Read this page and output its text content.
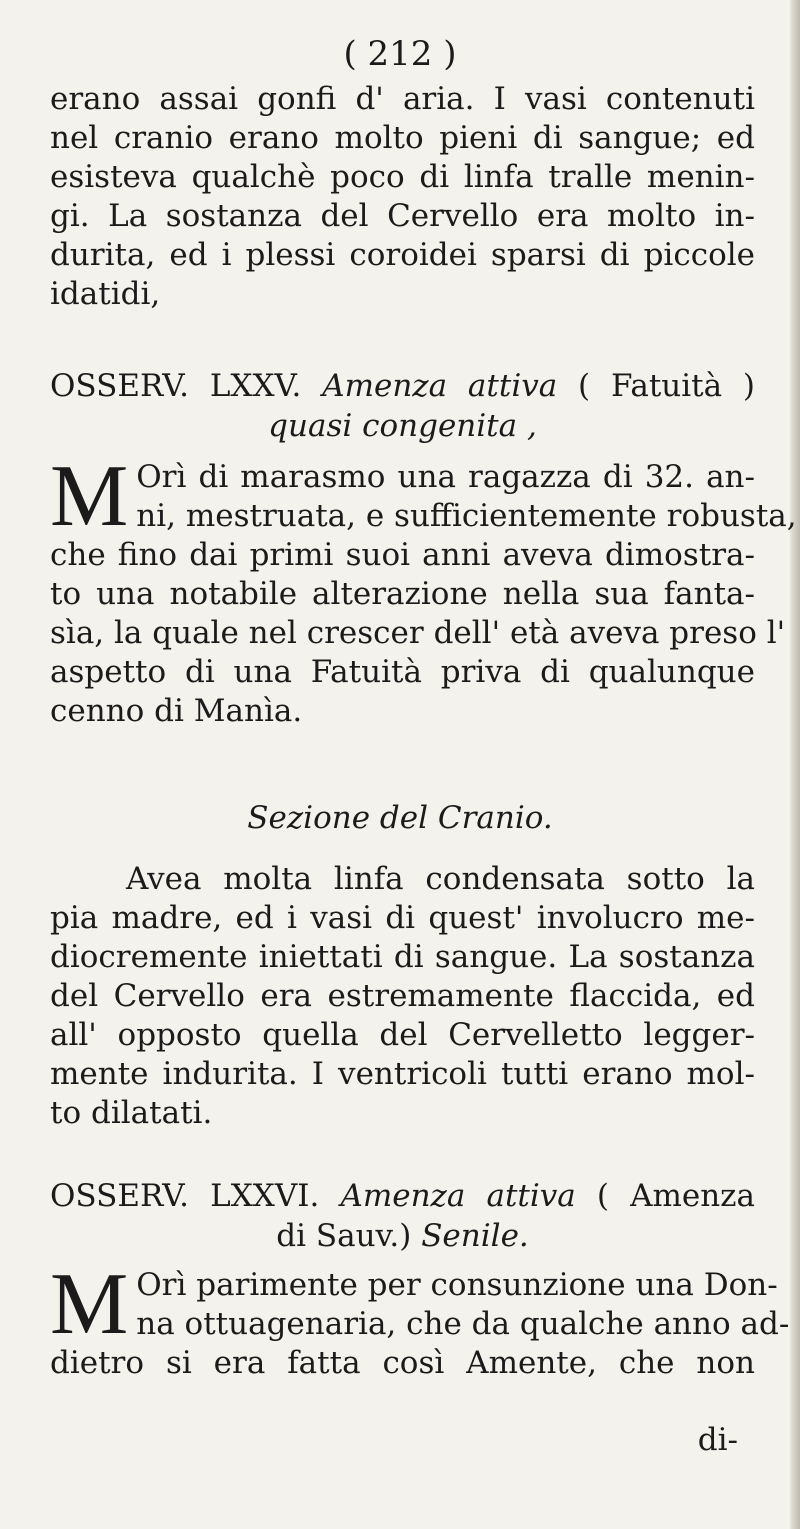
( 212 )
erano assai gonfi d' aria. I vasi contenuti
nel cranio erano molto pieni di sangue; ed
esisteva qualchè poco di linfa tralle menin-
gi. La sostanza del Cervello era molto in-
durita, ed i plessi coroidei sparsi di piccole
idatidi,
OSSERV. LXXV. Amenza attiva ( Fatuità )
quasi congenita ,
M Orì di marasmo una ragazza di 32. an-
ni, mestruata, e sufficientemente robusta,
che fino dai primi suoi anni aveva dimostra-
to una notabile alterazione nella sua fanta-
sìa, la quale nel crescer dell' età aveva preso l'
aspetto di una Fatuità priva di qualunque
cenno di Manìa.
Sezione del Cranio.
Avea molta linfa condensata sotto la
pia madre, ed i vasi di quest' involucro me-
diocremente iniettati di sangue. La sostanza
del Cervello era estremamente flaccida, ed
all' opposto quella del Cervelletto legger-
mente indurita. I ventricoli tutti erano mol-
to dilatati.
OSSERV. LXXVI. Amenza attiva ( Amenza
di Sauv.) Senile.
M Orì parimente per consunzione una Don-
na ottuagenaria, che da qualche anno ad-
dietro si era fatta così Amente, che non
di-
